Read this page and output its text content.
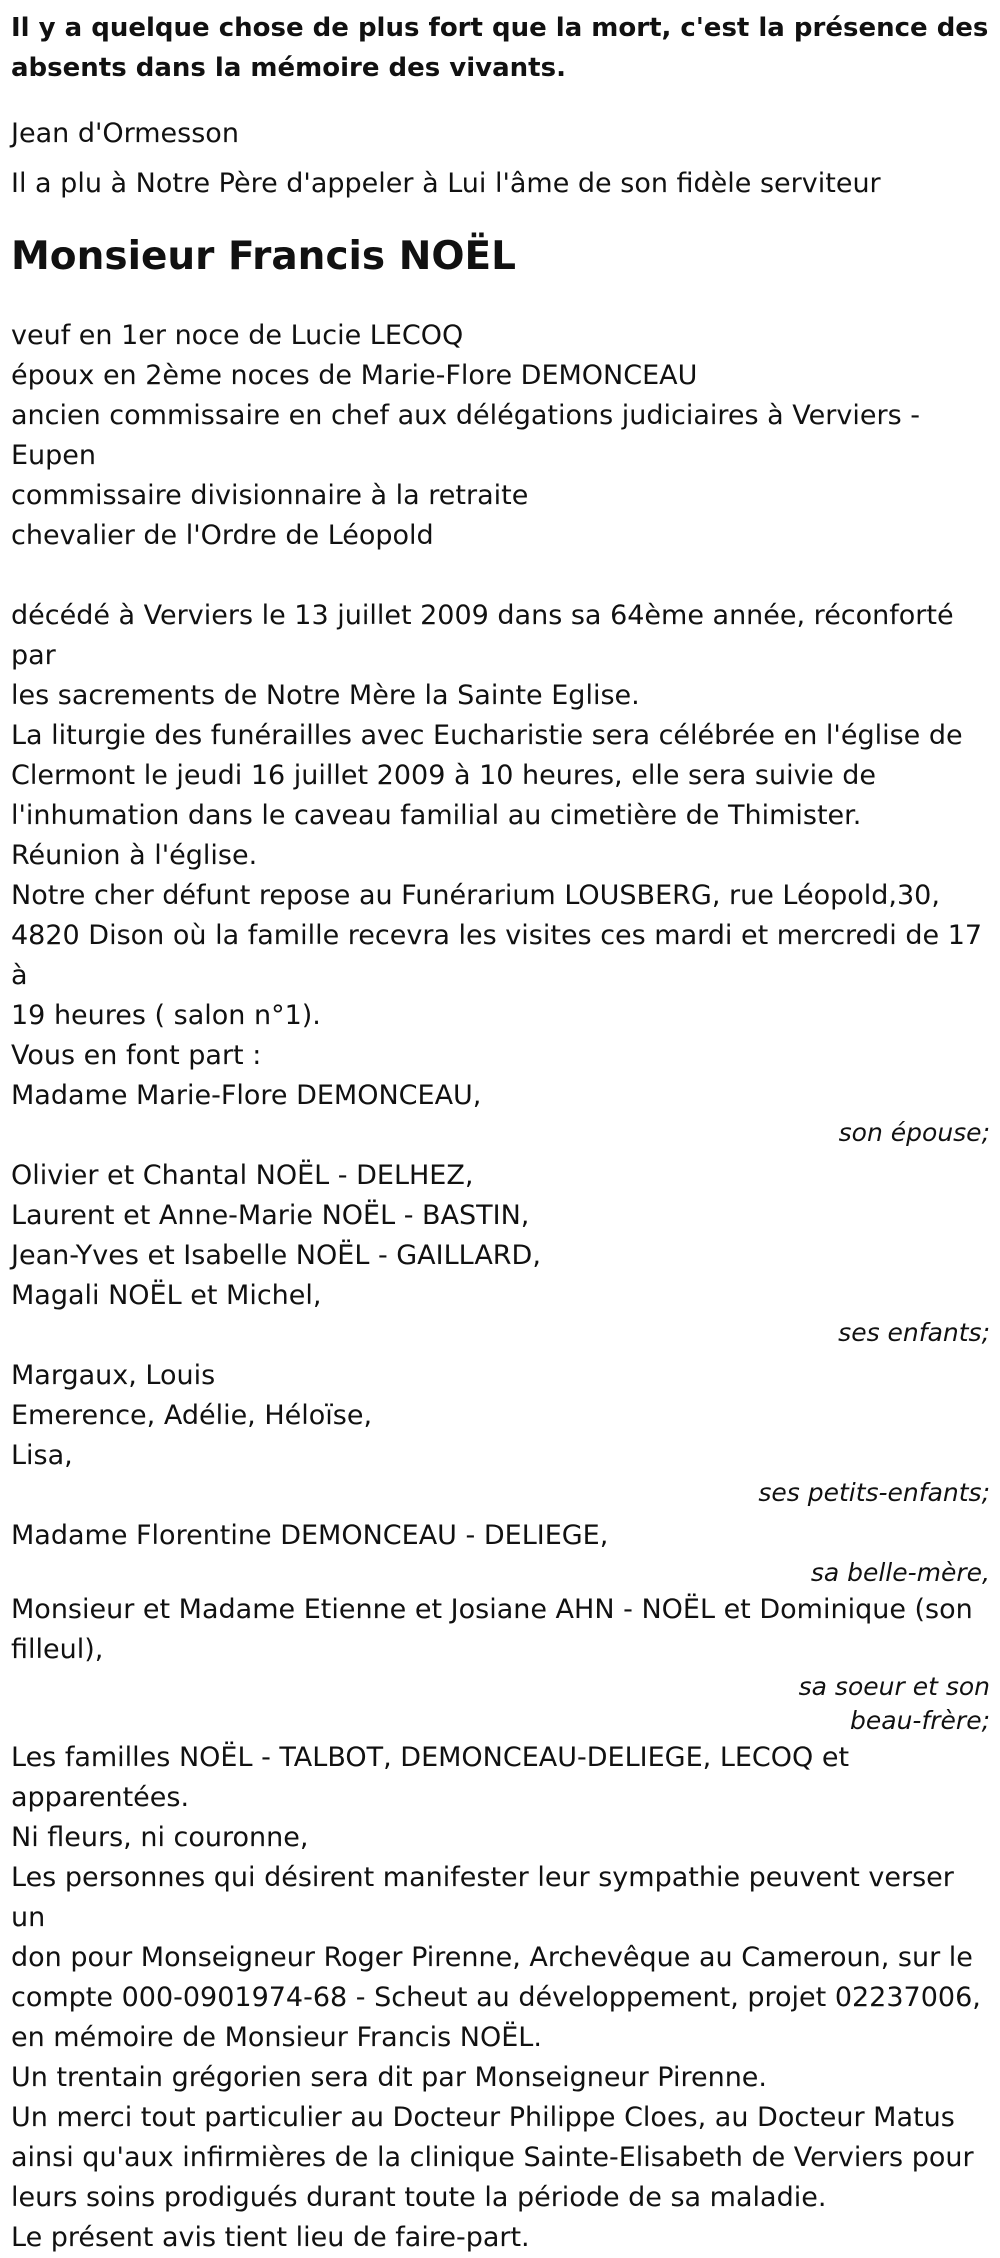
Il y a quelque chose de plus fort que la mort, c'est la présence des

absents dans la mémoire des vivants.

Jean d'Ormesson

Il a plu à Notre Père d'appeler à Lui l'âme de son fidèle serviteur

Monsieur Francis NOËL

veuf en 1er noce de Lucie LECOQ

époux en 2ème noces de Marie-Flore DEMONCEAU

ancien commissaire en chef aux délégations judiciaires à Verviers -

Eupen

commissaire divisionnaire à la retraite

chevalier de l'Ordre de Léopold

décédé à Verviers le 13 juillet 2009 dans sa 64ème année, réconforté par

les sacrements de Notre Mère la Sainte Eglise.

La liturgie des funérailles avec Eucharistie sera célébrée en l'église de

Clermont le jeudi 16 juillet 2009 à 10 heures, elle sera suivie de

l'inhumation dans le caveau familial au cimetière de Thimister.

Réunion à l'église.

Notre cher défunt repose au Funérarium LOUSBERG, rue Léopold,30,

4820 Dison où la famille recevra les visites ces mardi et mercredi de 17 à

19 heures ( salon n°1).

Vous en font part :

Madame Marie-Flore DEMONCEAU,

son épouse;

Olivier et Chantal NOËL - DELHEZ,

Laurent et Anne-Marie NOËL - BASTIN,

Jean-Yves et Isabelle NOËL - GAILLARD,

Magali NOËL et Michel,

ses enfants;

Margaux, Louis

Emerence, Adélie, Héloïse,

Lisa,

ses petits-enfants;

Madame Florentine DEMONCEAU - DELIEGE,

sa belle-mère,

Monsieur et Madame Etienne et Josiane AHN - NOËL et Dominique (son

filleul),

sa soeur et son

beau-frère;

Les familles NOËL - TALBOT, DEMONCEAU-DELIEGE, LECOQ et

apparentées.

Ni fleurs, ni couronne,

Les personnes qui désirent manifester leur sympathie peuvent verser un

don pour Monseigneur Roger Pirenne, Archevêque au Cameroun, sur le

compte 000-0901974-68 - Scheut au développement, projet 02237006,

en mémoire de Monsieur Francis NOËL.

Un trentain grégorien sera dit par Monseigneur Pirenne.

Un merci tout particulier au Docteur Philippe Cloes, au Docteur Matus

ainsi qu'aux infirmières de la clinique Sainte-Elisabeth de Verviers pour

leurs soins prodigués durant toute la période de sa maladie.

Le présent avis tient lieu de faire-part.
